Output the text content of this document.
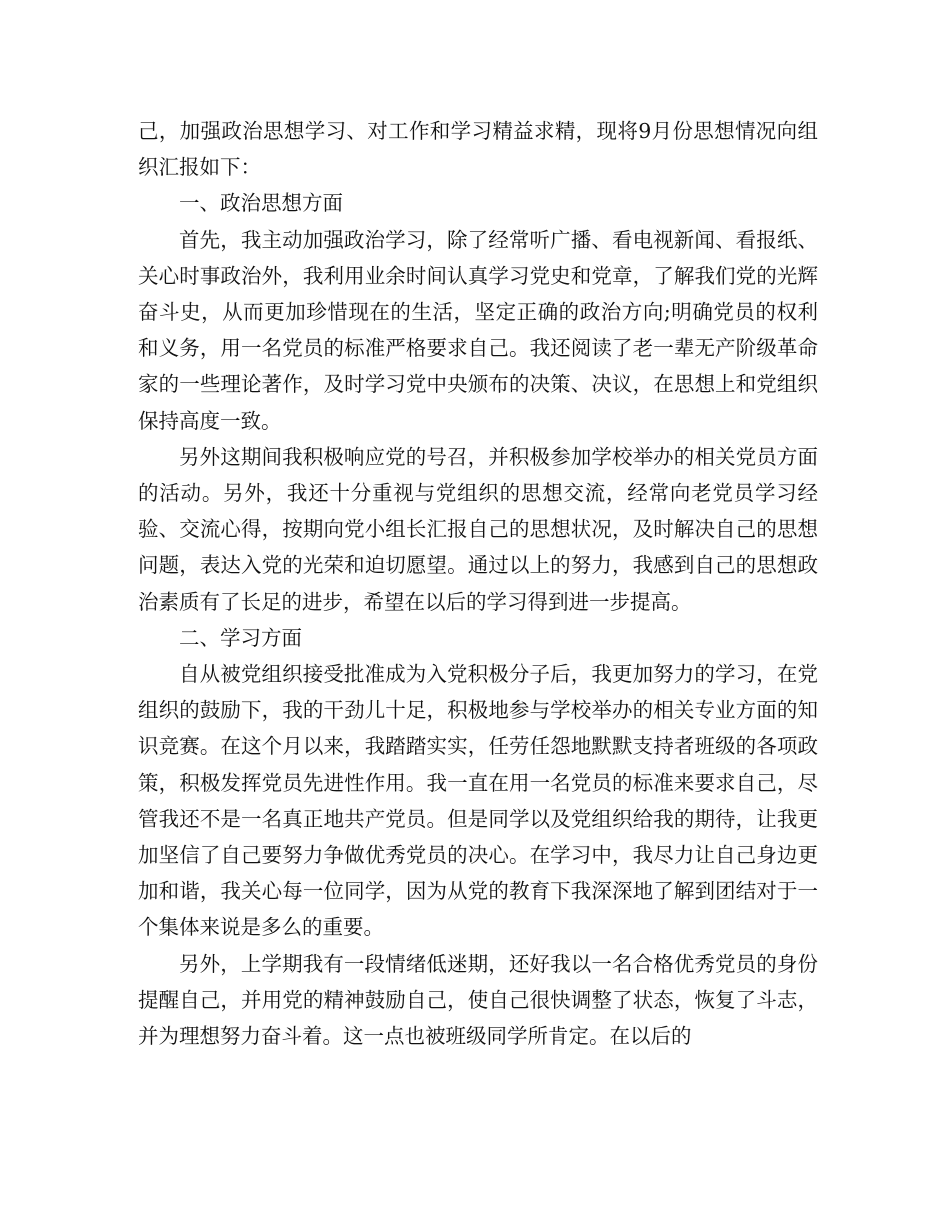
己，加强政治思想学习、对工作和学习精益求精，现将9月份思想情况向组织汇报如下：

一、政治思想方面

首先，我主动加强政治学习，除了经常听广播、看电视新闻、看报纸、关心时事政治外，我利用业余时间认真学习党史和党章，了解我们党的光辉奋斗史，从而更加珍惜现在的生活，坚定正确的政治方向;明确党员的权利和义务，用一名党员的标准严格要求自己。我还阅读了老一辈无产阶级革命家的一些理论著作，及时学习党中央颁布的决策、决议，在思想上和党组织保持高度一致。

另外这期间我积极响应党的号召，并积极参加学校举办的相关党员方面的活动。另外，我还十分重视与党组织的思想交流，经常向老党员学习经验、交流心得，按期向党小组长汇报自己的思想状况，及时解决自己的思想问题，表达入党的光荣和迫切愿望。通过以上的努力，我感到自己的思想政治素质有了长足的进步，希望在以后的学习得到进一步提高。

二、学习方面

自从被党组织接受批准成为入党积极分子后，我更加努力的学习，在党组织的鼓励下，我的干劲儿十足，积极地参与学校举办的相关专业方面的知识竞赛。在这个月以来，我踏踏实实，任劳任怨地默默支持者班级的各项政策，积极发挥党员先进性作用。我一直在用一名党员的标准来要求自己，尽管我还不是一名真正地共产党员。但是同学以及党组织给我的期待，让我更加坚信了自己要努力争做优秀党员的决心。在学习中，我尽力让自己身边更加和谐，我关心每一位同学，因为从党的教育下我深深地了解到团结对于一个集体来说是多么的重要。

另外，上学期我有一段情绪低迷期，还好我以一名合格优秀党员的身份提醒自己，并用党的精神鼓励自己，使自己很快调整了状态，恢复了斗志，并为理想努力奋斗着。这一点也被班级同学所肯定。在以后的
